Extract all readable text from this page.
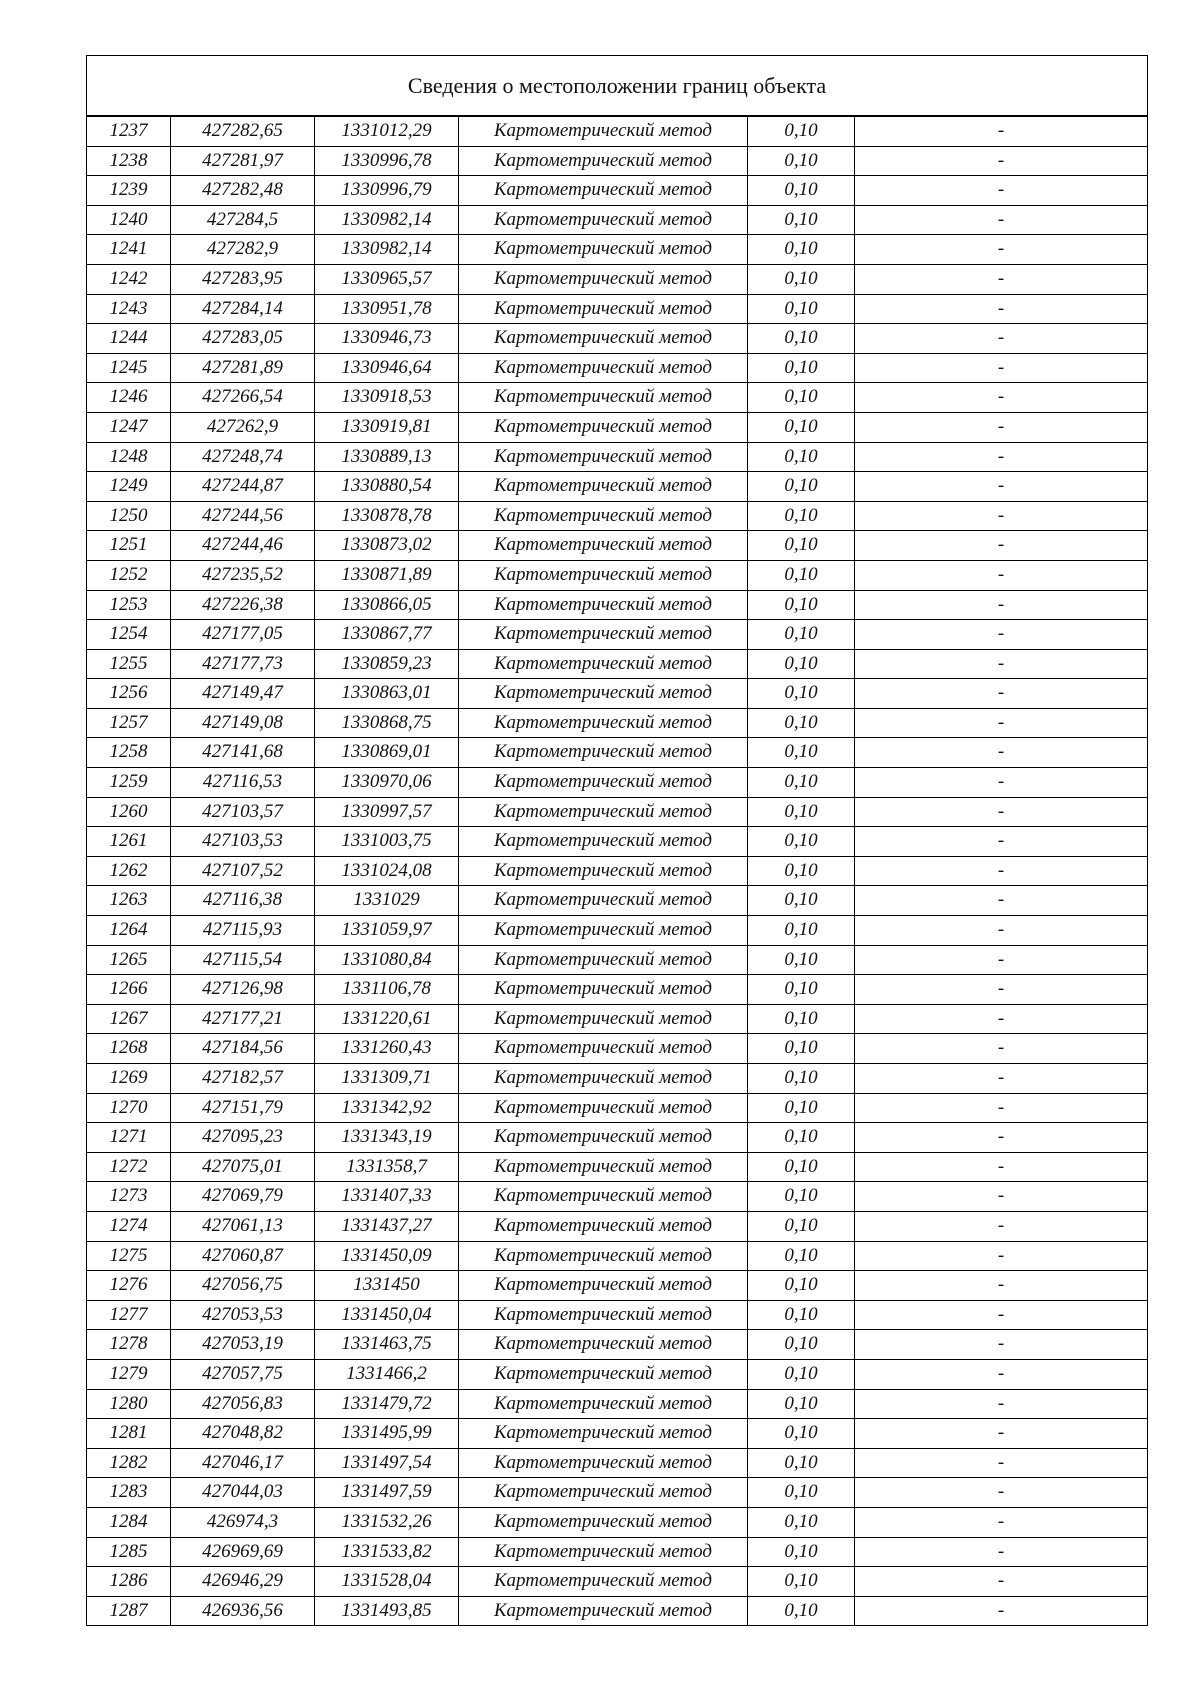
Сведения о местоположении границ объекта					
1237	427282,65	1331012,29	Картометрический метод	0,10	-
1238	427281,97	1330996,78	Картометрический метод	0,10	-
1239	427282,48	1330996,79	Картометрический метод	0,10	-
1240	427284,5	1330982,14	Картометрический метод	0,10	-
1241	427282,9	1330982,14	Картометрический метод	0,10	-
1242	427283,95	1330965,57	Картометрический метод	0,10	-
1243	427284,14	1330951,78	Картометрический метод	0,10	-
1244	427283,05	1330946,73	Картометрический метод	0,10	-
1245	427281,89	1330946,64	Картометрический метод	0,10	-
1246	427266,54	1330918,53	Картометрический метод	0,10	-
1247	427262,9	1330919,81	Картометрический метод	0,10	-
1248	427248,74	1330889,13	Картометрический метод	0,10	-
1249	427244,87	1330880,54	Картометрический метод	0,10	-
1250	427244,56	1330878,78	Картометрический метод	0,10	-
1251	427244,46	1330873,02	Картометрический метод	0,10	-
1252	427235,52	1330871,89	Картометрический метод	0,10	-
1253	427226,38	1330866,05	Картометрический метод	0,10	-
1254	427177,05	1330867,77	Картометрический метод	0,10	-
1255	427177,73	1330859,23	Картометрический метод	0,10	-
1256	427149,47	1330863,01	Картометрический метод	0,10	-
1257	427149,08	1330868,75	Картометрический метод	0,10	-
1258	427141,68	1330869,01	Картометрический метод	0,10	-
1259	427116,53	1330970,06	Картометрический метод	0,10	-
1260	427103,57	1330997,57	Картометрический метод	0,10	-
1261	427103,53	1331003,75	Картометрический метод	0,10	-
1262	427107,52	1331024,08	Картометрический метод	0,10	-
1263	427116,38	1331029	Картометрический метод	0,10	-
1264	427115,93	1331059,97	Картометрический метод	0,10	-
1265	427115,54	1331080,84	Картометрический метод	0,10	-
1266	427126,98	1331106,78	Картометрический метод	0,10	-
1267	427177,21	1331220,61	Картометрический метод	0,10	-
1268	427184,56	1331260,43	Картометрический метод	0,10	-
1269	427182,57	1331309,71	Картометрический метод	0,10	-
1270	427151,79	1331342,92	Картометрический метод	0,10	-
1271	427095,23	1331343,19	Картометрический метод	0,10	-
1272	427075,01	1331358,7	Картометрический метод	0,10	-
1273	427069,79	1331407,33	Картометрический метод	0,10	-
1274	427061,13	1331437,27	Картометрический метод	0,10	-
1275	427060,87	1331450,09	Картометрический метод	0,10	-
1276	427056,75	1331450	Картометрический метод	0,10	-
1277	427053,53	1331450,04	Картометрический метод	0,10	-
1278	427053,19	1331463,75	Картометрический метод	0,10	-
1279	427057,75	1331466,2	Картометрический метод	0,10	-
1280	427056,83	1331479,72	Картометрический метод	0,10	-
1281	427048,82	1331495,99	Картометрический метод	0,10	-
1282	427046,17	1331497,54	Картометрический метод	0,10	-
1283	427044,03	1331497,59	Картометрический метод	0,10	-
1284	426974,3	1331532,26	Картометрический метод	0,10	-
1285	426969,69	1331533,82	Картометрический метод	0,10	-
1286	426946,29	1331528,04	Картометрический метод	0,10	-
1287	426936,56	1331493,85	Картометрический метод	0,10	-
